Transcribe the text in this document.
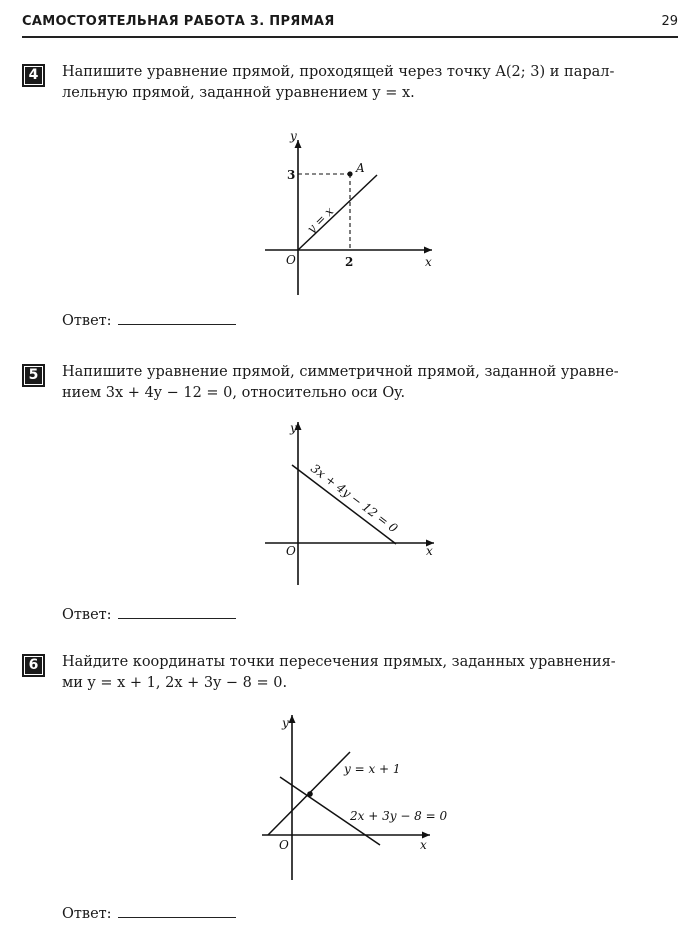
САМОСТОЯТЕЛЬНАЯ РАБОТА 3. ПРЯМАЯ	29
4	Напишите уравнение прямой, проходящей через точку A(2; 3) и парал-
лельную прямой, заданной уравнением y = x.
y
x
O	2
3	A
y = x
Ответ:
5	Напишите уравнение прямой, симметричной прямой, заданной уравне-
нием 3x + 4y − 12 = 0, относительно оси Oy.
y
x
O
3x + 4y − 12 = 0
Ответ:
6	Найдите координаты точки пересечения прямых, заданных уравнения-
ми y = x + 1, 2x + 3y − 8 = 0.
y
x
O
y = x + 1
2x + 3y − 8 = 0
Ответ:
